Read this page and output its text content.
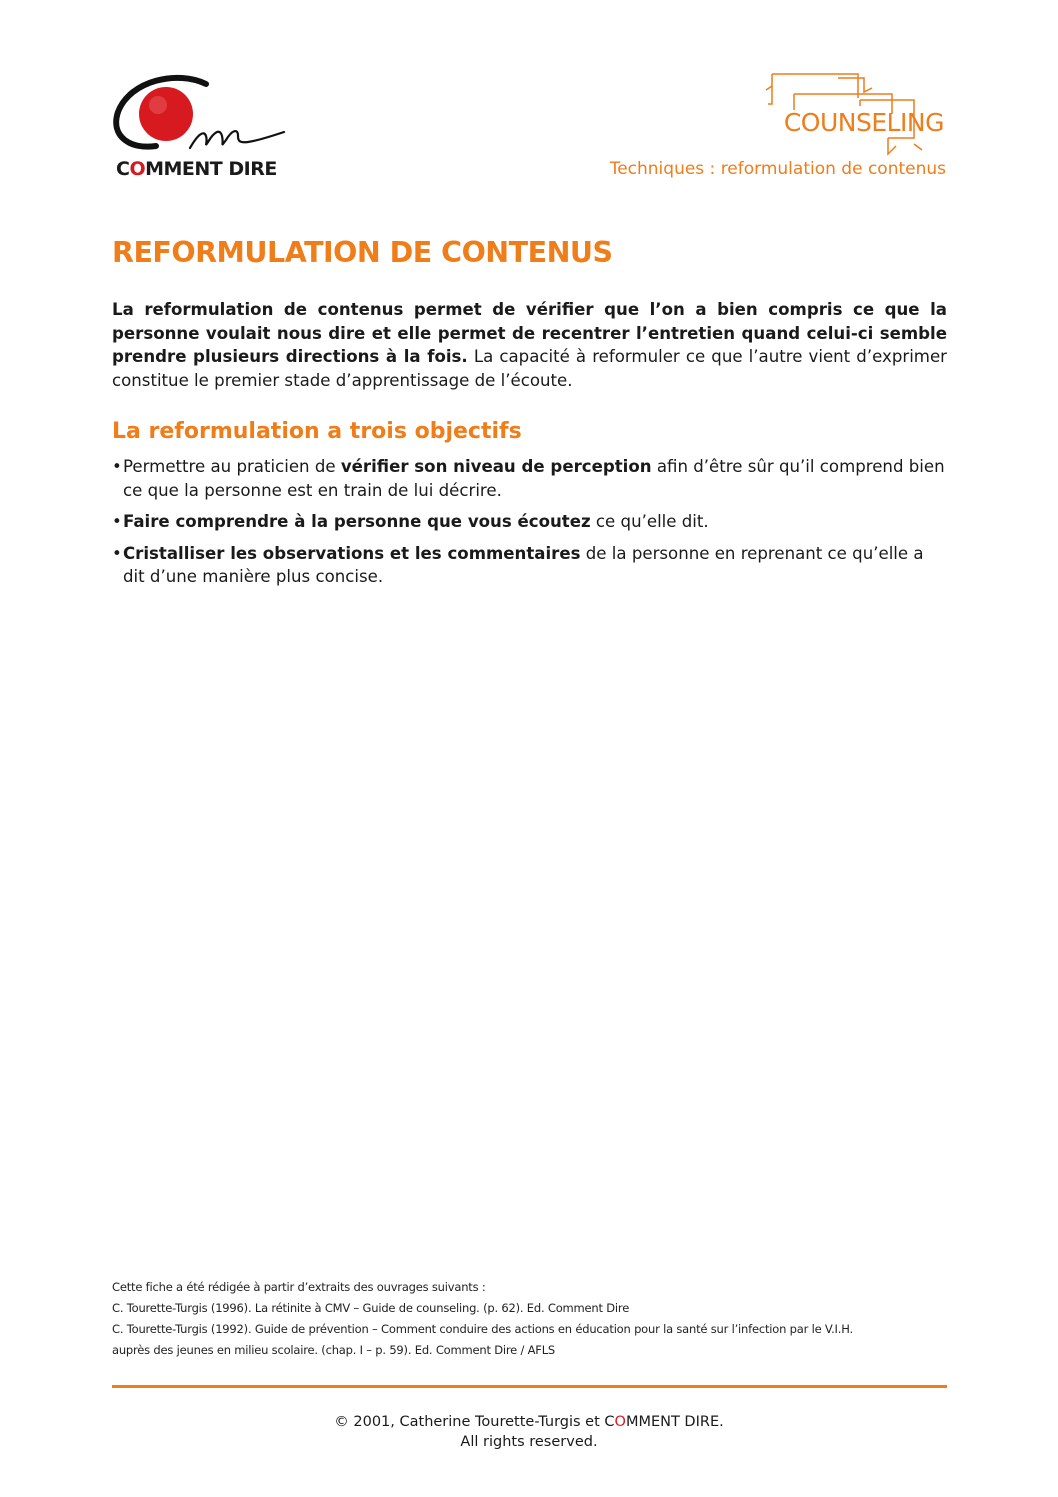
COMMENT DIRE
COUNSELING
Techniques : reformulation de contenus
REFORMULATION DE CONTENUS

La reformulation de contenus permet de vérifier que l’on a bien compris ce que la personne voulait nous dire et elle permet de recentrer l’entretien quand celui-ci semble prendre plusieurs directions à la fois. La capacité à reformuler ce que l’autre vient d’exprimer constitue le premier stade d’apprentissage de l’écoute.

La reformulation a trois objectifs
• Permettre au praticien de vérifier son niveau de perception afin d’être sûr qu’il comprend bien ce que la personne est en train de lui décrire.
• Faire comprendre à la personne que vous écoutez ce qu’elle dit.
• Cristalliser les observations et les commentaires de la personne en reprenant ce qu’elle a dit d’une manière plus concise.
Cette fiche a été rédigée à partir d’extraits des ouvrages suivants :
C. Tourette-Turgis (1996). La rétinite à CMV – Guide de counseling. (p. 62). Ed. Comment Dire
C. Tourette-Turgis (1992). Guide de prévention – Comment conduire des actions en éducation pour la santé sur l’infection par le V.I.H.
auprès des jeunes en milieu scolaire. (chap. I – p. 59). Ed. Comment Dire / AFLS
© 2001, Catherine Tourette-Turgis et COMMENT DIRE.
All rights reserved.
